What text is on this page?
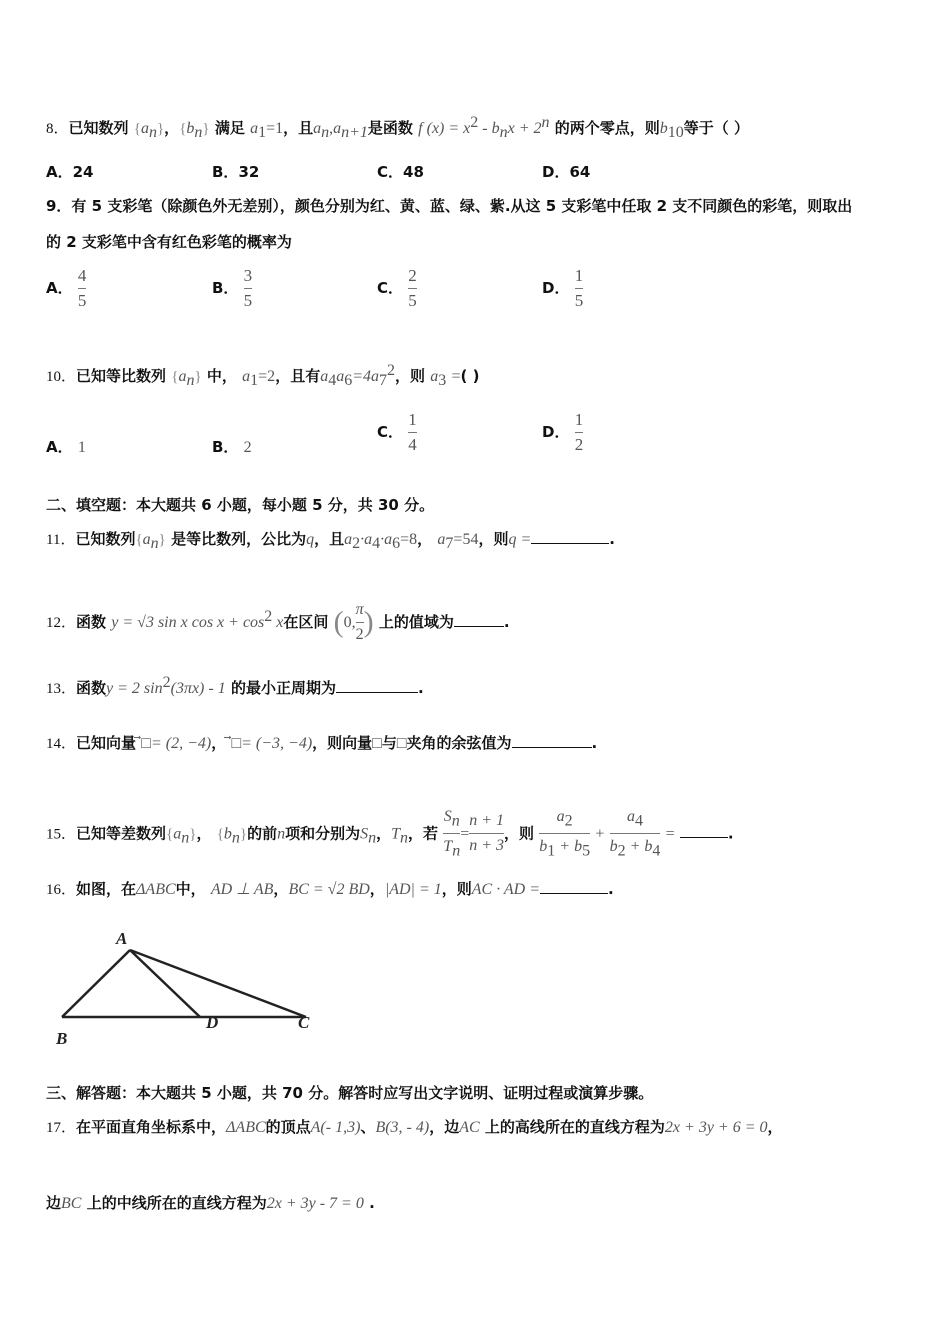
8．已知数列 $\{a_n\}$，$\{b_n\}$ 满足 $a_1=1$，且$a_n,a_{n+1}$是函数 f $(x) = x^2 - b_nx + 2^n$ 的两个零点，则$b_{10}$等于（ ）
A．24	B．32	C．48	D．64
9．有 5 支彩笔（除颜色外无差别），颜色分别为红、黄、蓝、绿、紫.从这 5 支彩笔中任取 2 支不同颜色的彩笔，则取出
的 2 支彩笔中含有红色彩笔的概率为
A． $\frac{4}{5}$	B． $\frac{3}{5}$	C． $\frac{2}{5}$	D． $\frac{1}{5}$
10．已知等比数列 $\{a_n\}$ 中， $a_1=2$，且有$a_4a_6=4a_7^2$，则 $a_3$ =( )
A． 1	B． 2
C． $\frac{1}{4}$	D． $\frac{1}{2}$
二、填空题：本大题共 6 小题，每小题 5 分，共 30 分。
11．已知数列$\{a_n\}$ 是等比数列，公比为q，且$a_2\cdot a_4\cdot a_6=8$， $a_7=54$，则q =	.
12．函数 y = √3 sin x $\cos x + \cos^2 x$在区间 (0, $\frac{\pi}{2}$ ) 上的值域为	.
13．函数y = 2 $\sin^2(3\pi x) - 1$ 的最小正周期为	.
14．已知向量 ⃗□= (2, −4)， ⃗□= (−3, −4)，则向量□与□夹角的余弦值为	.
15．已知等差数列$\{a_n\}$， $\{b_n\}$的前n项和分别为$S_n$，$T_n$，若 $\frac{S_n}{T_n} = \frac{n + 1}{n + 3}$ ，则 $\frac{a_2}{b_1 + b_5} + \frac{a_4}{b_2 + b_4}$ =	.
16．如图，在ΔABC中， AD ⊥ AB，BC = √2 BD，|AD| = 1，则AC · AD =	.
A
B
D	C
三、解答题：本大题共 5 小题，共 70 分。解答时应写出文字说明、证明过程或演算步骤。
17．在平面直角坐标系中，ΔABC的顶点A(- 1,3)、B(3, - 4)，边AC 上的高线所在的直线方程为2x + 3y + 6 = 0，
边BC 上的中线所在的直线方程为2x + 3y - 7 = 0 .
